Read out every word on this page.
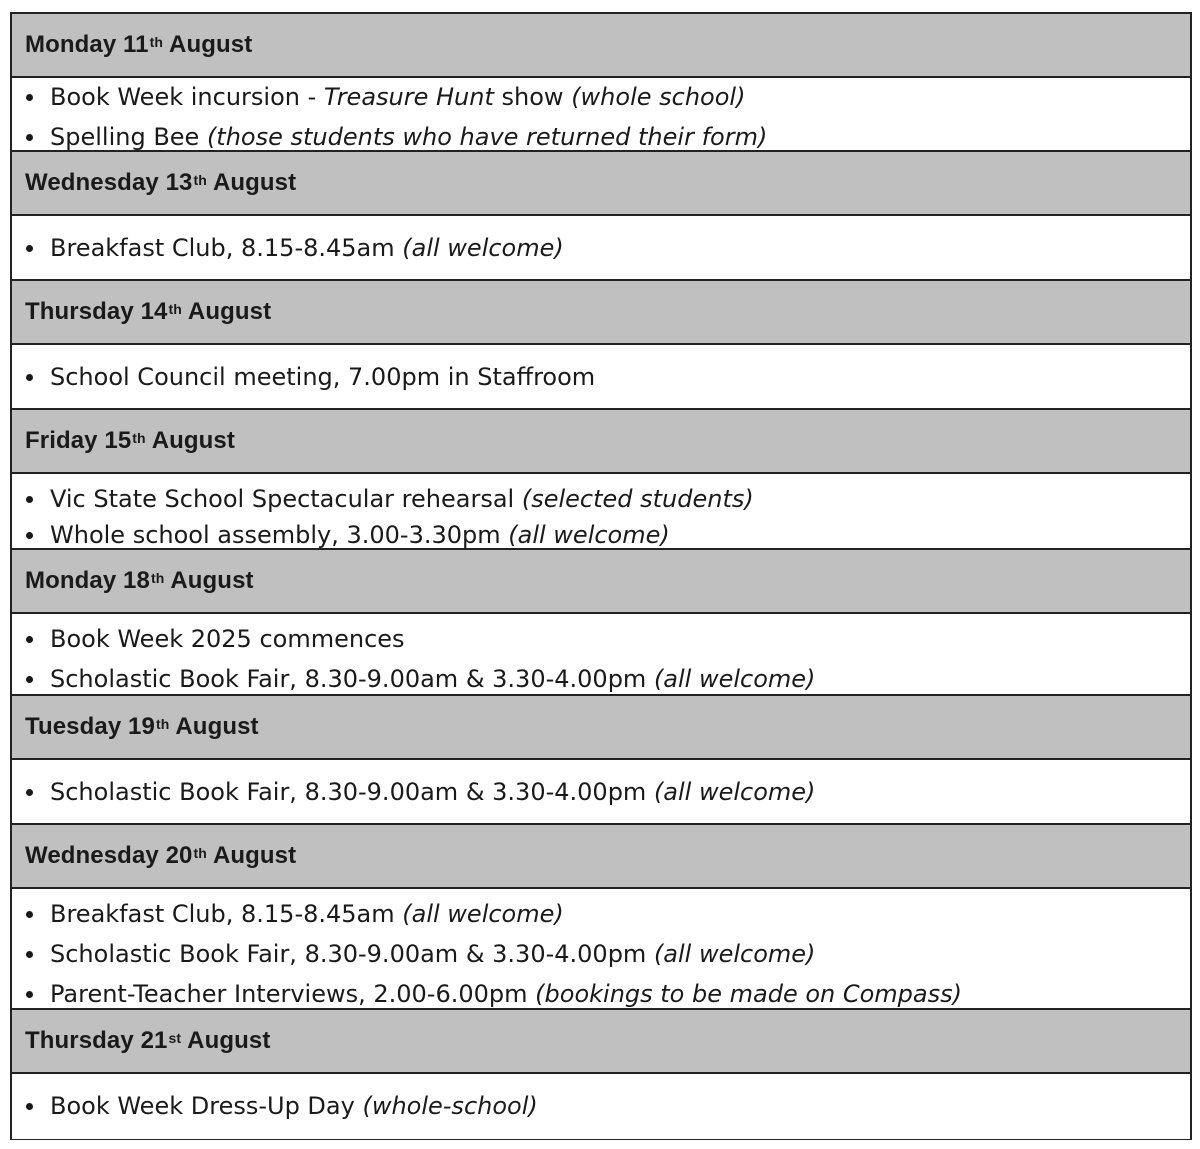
Monday 11th August
Book Week incursion - Treasure Hunt show (whole school)
Spelling Bee (those students who have returned their form)
Wednesday 13th August
Breakfast Club, 8.15-8.45am (all welcome)
Thursday 14th August
School Council meeting, 7.00pm in Staffroom
Friday 15th August
Vic State School Spectacular rehearsal (selected students)
Whole school assembly, 3.00-3.30pm (all welcome)
Monday 18th August
Book Week 2025 commences
Scholastic Book Fair, 8.30-9.00am & 3.30-4.00pm (all welcome)
Tuesday 19th August
Scholastic Book Fair, 8.30-9.00am & 3.30-4.00pm (all welcome)
Wednesday 20th August
Breakfast Club, 8.15-8.45am (all welcome)
Scholastic Book Fair, 8.30-9.00am & 3.30-4.00pm (all welcome)
Parent-Teacher Interviews, 2.00-6.00pm (bookings to be made on Compass)
Thursday 21st August
Book Week Dress-Up Day (whole-school)
